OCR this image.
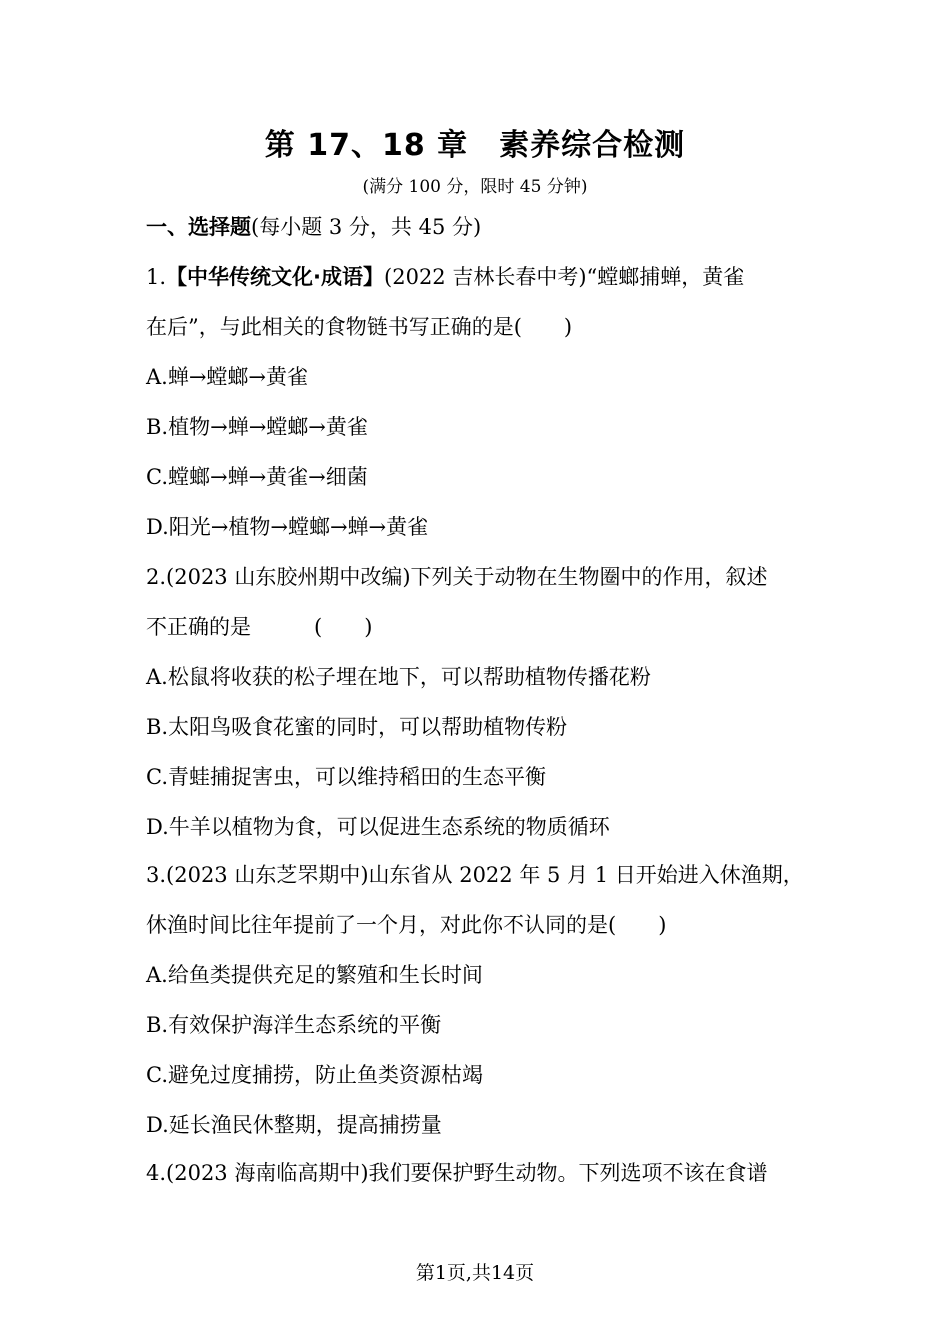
第 17、18 章　素养综合检测
(满分 100 分，限时 45 分钟)
一、选择题(每小题 3 分，共 45 分)
1.【中华传统文化·成语】(2022 吉林长春中考)“螳螂捕蝉，黄雀
在后”，与此相关的食物链书写正确的是(　　)
A.蝉→螳螂→黄雀
B.植物→蝉→螳螂→黄雀
C.螳螂→蝉→黄雀→细菌
D.阳光→植物→螳螂→蝉→黄雀
2.(2023 山东胶州期中改编)下列关于动物在生物圈中的作用，叙述
不正确的是　　　(　　)
A.松鼠将收获的松子埋在地下，可以帮助植物传播花粉
B.太阳鸟吸食花蜜的同时，可以帮助植物传粉
C.青蛙捕捉害虫，可以维持稻田的生态平衡
D.牛羊以植物为食，可以促进生态系统的物质循环
3.(2023 山东芝罘期中)山东省从 2022 年 5 月 1 日开始进入休渔期，
休渔时间比往年提前了一个月，对此你不认同的是(　　)
A.给鱼类提供充足的繁殖和生长时间
B.有效保护海洋生态系统的平衡
C.避免过度捕捞，防止鱼类资源枯竭
D.延长渔民休整期，提高捕捞量
4.(2023 海南临高期中)我们要保护野生动物。下列选项不该在食谱
第1页,共14页
